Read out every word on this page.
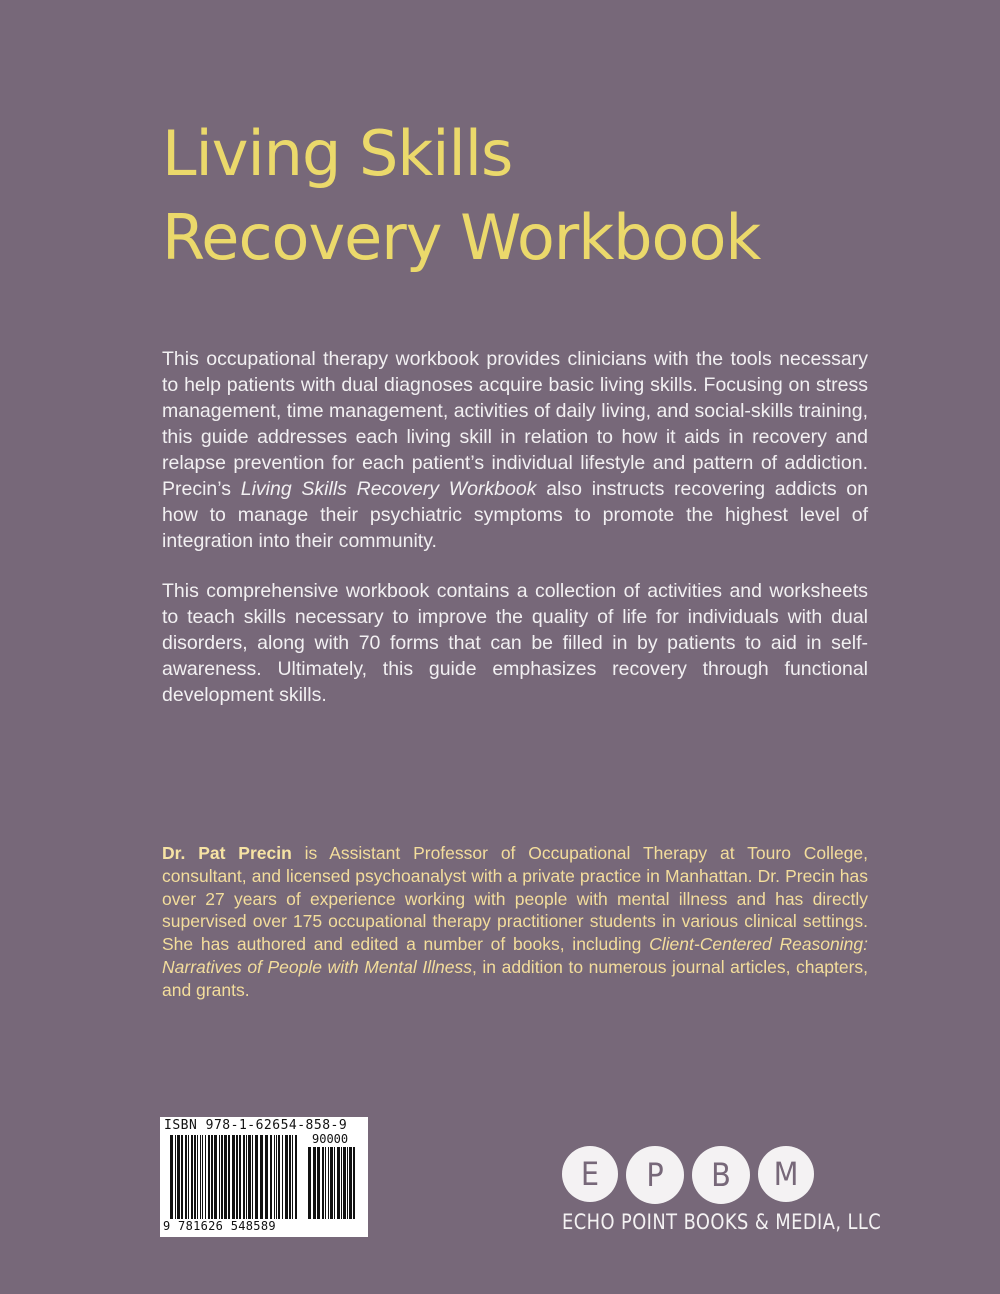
Living Skills
Recovery Workbook

This occupational therapy workbook provides clinicians with the tools necessary to help patients with dual diagnoses acquire basic living skills. Focusing on stress management, time management, activities of daily living, and social-skills training, this guide addresses each living skill in relation to how it aids in recovery and relapse prevention for each patient’s individual lifestyle and pattern of addiction. Precin’s Living Skills Recovery Workbook also instructs recovering addicts on how to manage their psychiatric symptoms to promote the highest level of integration into their community.

This comprehensive workbook contains a collection of activities and worksheets to teach skills necessary to improve the quality of life for individuals with dual disorders, along with 70 forms that can be filled in by patients to aid in self-awareness. Ultimately, this guide emphasizes recovery through functional development skills.

Dr. Pat Precin is Assistant Professor of Occupational Therapy at Touro College, consultant, and licensed psychoanalyst with a private practice in Manhattan. Dr. Precin has over 27 years of experience working with people with mental illness and has directly supervised over 175 occupational therapy practitioner students in various clinical settings. She has authored and edited a number of books, including Client-Centered Reasoning: Narratives of People with Mental Illness, in addition to numerous journal articles, chapters, and grants.

ISBN 978-1-62654-858-9
90000
9 781626 548589
E	P	B	M
ECHO POINT BOOKS & MEDIA, LLC
